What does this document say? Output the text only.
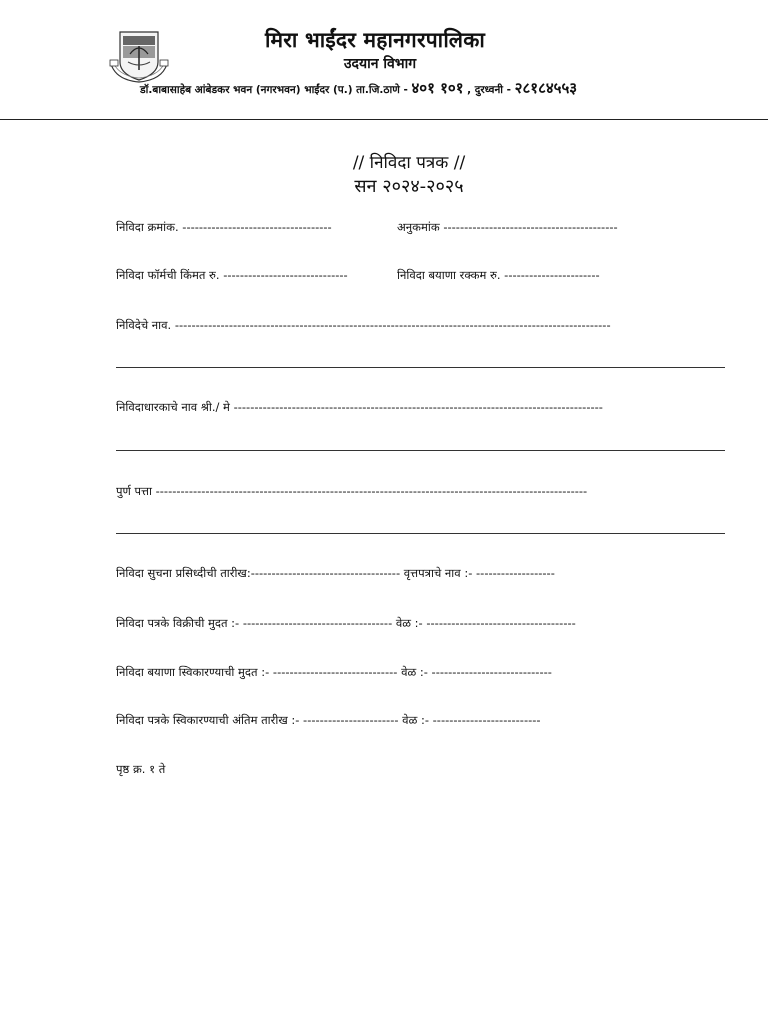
मिरा भाईंदर महानगरपालिका
उदयान विभाग
डॉ.बाबासाहेब आंबेडकर भवन (नगरभवन) भाईंदर (प.) ता.जि.ठाणे - ४०१ १०१ , दुरध्वनी - २८१८४५५३
// निविदा पत्रक //
सन २०२४-२०२५
निविदा क्रमांक. ------------------------------------	अनुकमांक ------------------------------------------
निविदा फॉर्मची किंमत रु. ------------------------------	निविदा बयाणा रक्कम रु. -----------------------
निविदेचे नाव. ---------------------------------------------------------------------------------------------------------
निविदाधारकाचे नाव श्री./ मे -----------------------------------------------------------------------------------------
पुर्ण पत्ता --------------------------------------------------------------------------------------------------------
निविदा सुचना प्रसिध्दीची तारीख:------------------------------------ वृत्तपत्राचे नाव :- -------------------
निविदा पत्रके विक्रीची मुदत :- ------------------------------------ वेळ :- ------------------------------------
निविदा बयाणा स्विकारण्याची मुदत :- ------------------------------ वेळ :- -----------------------------
निविदा पत्रके स्विकारण्याची अंतिम तारीख :- ----------------------- वेळ :- --------------------------
पृष्ठ क्र. १ ते
